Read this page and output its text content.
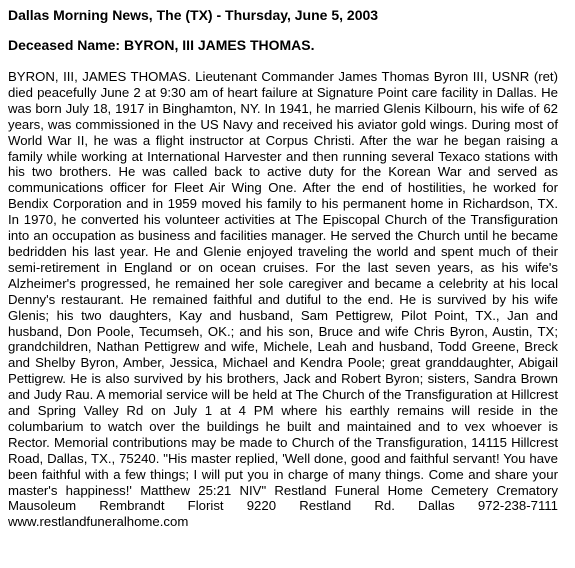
Dallas Morning News, The (TX) - Thursday, June 5, 2003

Deceased Name: BYRON, III JAMES THOMAS.

BYRON, III, JAMES THOMAS. Lieutenant Commander James Thomas Byron III, USNR (ret) died peacefully June 2 at 9:30 am of heart failure at Signature Point care facility in Dallas. He was born July 18, 1917 in Binghamton, NY. In 1941, he married Glenis Kilbourn, his wife of 62 years, was commissioned in the US Navy and received his aviator gold wings. During most of World War II, he was a flight instructor at Corpus Christi. After the war he began raising a family while working at International Harvester and then running several Texaco stations with his two brothers. He was called back to active duty for the Korean War and served as communications officer for Fleet Air Wing One. After the end of hostilities, he worked for Bendix Corporation and in 1959 moved his family to his permanent home in Richardson, TX. In 1970, he converted his volunteer activities at The Episcopal Church of the Transfiguration into an occupation as business and facilities manager. He served the Church until he became bedridden his last year. He and Glenie enjoyed traveling the world and spent much of their semi-retirement in England or on ocean cruises. For the last seven years, as his wife's Alzheimer's progressed, he remained her sole caregiver and became a celebrity at his local Denny's restaurant. He remained faithful and dutiful to the end. He is survived by his wife Glenis; his two daughters, Kay and husband, Sam Pettigrew, Pilot Point, TX., Jan and husband, Don Poole, Tecumseh, OK.; and his son, Bruce and wife Chris Byron, Austin, TX; grandchildren, Nathan Pettigrew and wife, Michele, Leah and husband, Todd Greene, Breck and Shelby Byron, Amber, Jessica, Michael and Kendra Poole; great granddaughter, Abigail Pettigrew. He is also survived by his brothers, Jack and Robert Byron; sisters, Sandra Brown and Judy Rau. A memorial service will be held at The Church of the Transfiguration at Hillcrest and Spring Valley Rd on July 1 at 4 PM where his earthly remains will reside in the columbarium to watch over the buildings he built and maintained and to vex whoever is Rector. Memorial contributions may be made to Church of the Transfiguration, 14115 Hillcrest Road, Dallas, TX., 75240. "His master replied, 'Well done, good and faithful servant! You have been faithful with a few things; I will put you in charge of many things. Come and share your master's happiness!' Matthew 25:21 NIV" Restland Funeral Home Cemetery Crematory Mausoleum Rembrandt Florist 9220 Restland Rd. Dallas 972-238-7111 www.restlandfuneralhome.com
